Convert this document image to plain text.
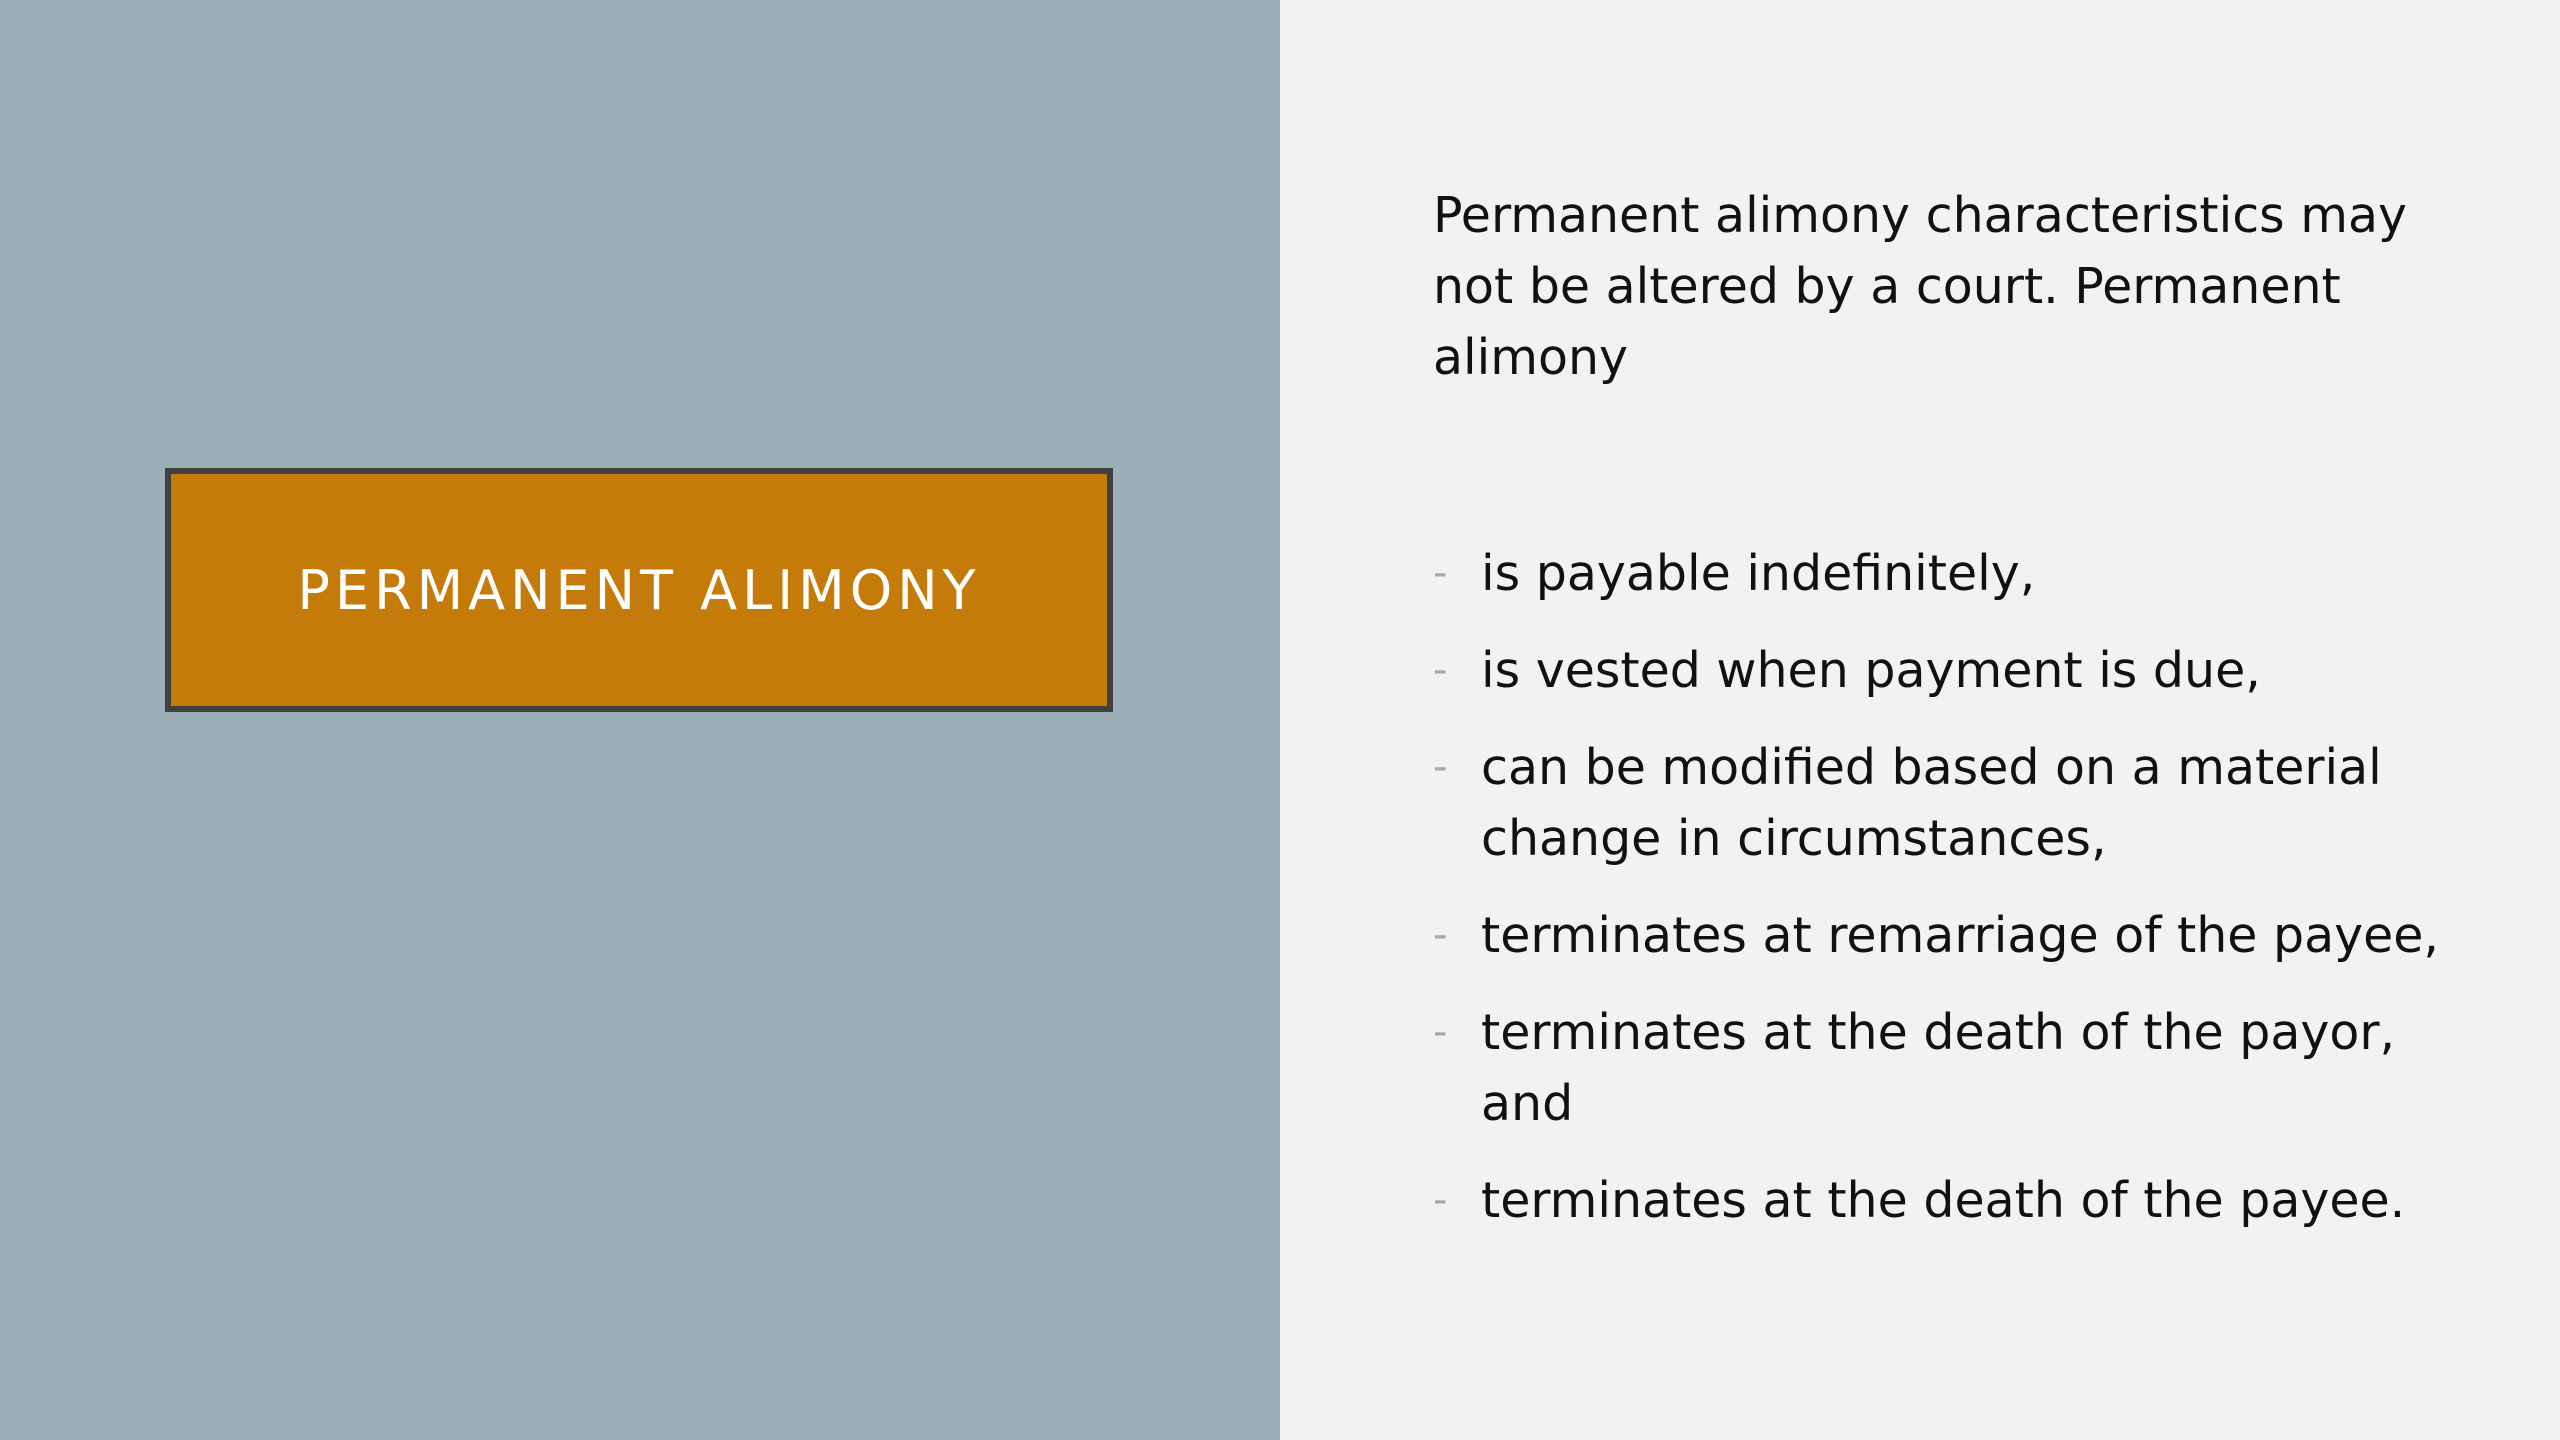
PERMANENT ALIMONY

Permanent alimony characteristics may not be altered by a court. Permanent alimony

- is payable indefinitely,
- is vested when payment is due,
- can be modified based on a material change in circumstances,
- terminates at remarriage of the payee,
- terminates at the death of the payor, and
- terminates at the death of the payee.
